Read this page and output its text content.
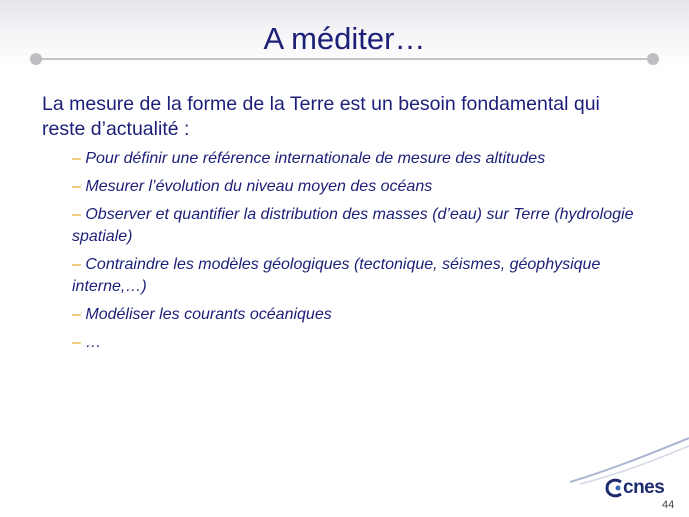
A méditer…

La mesure de la forme de la Terre est un besoin fondamental qui reste d’actualité :

– Pour définir une référence internationale de mesure des altitudes
– Mesurer l’évolution du niveau moyen des océans
– Observer et quantifier la distribution des masses (d’eau) sur Terre (hydrologie spatiale)
– Contraindre les modèles géologiques (tectonique, séismes, géophysique interne,…)
– Modéliser les courants océaniques
– …
cnes
44
